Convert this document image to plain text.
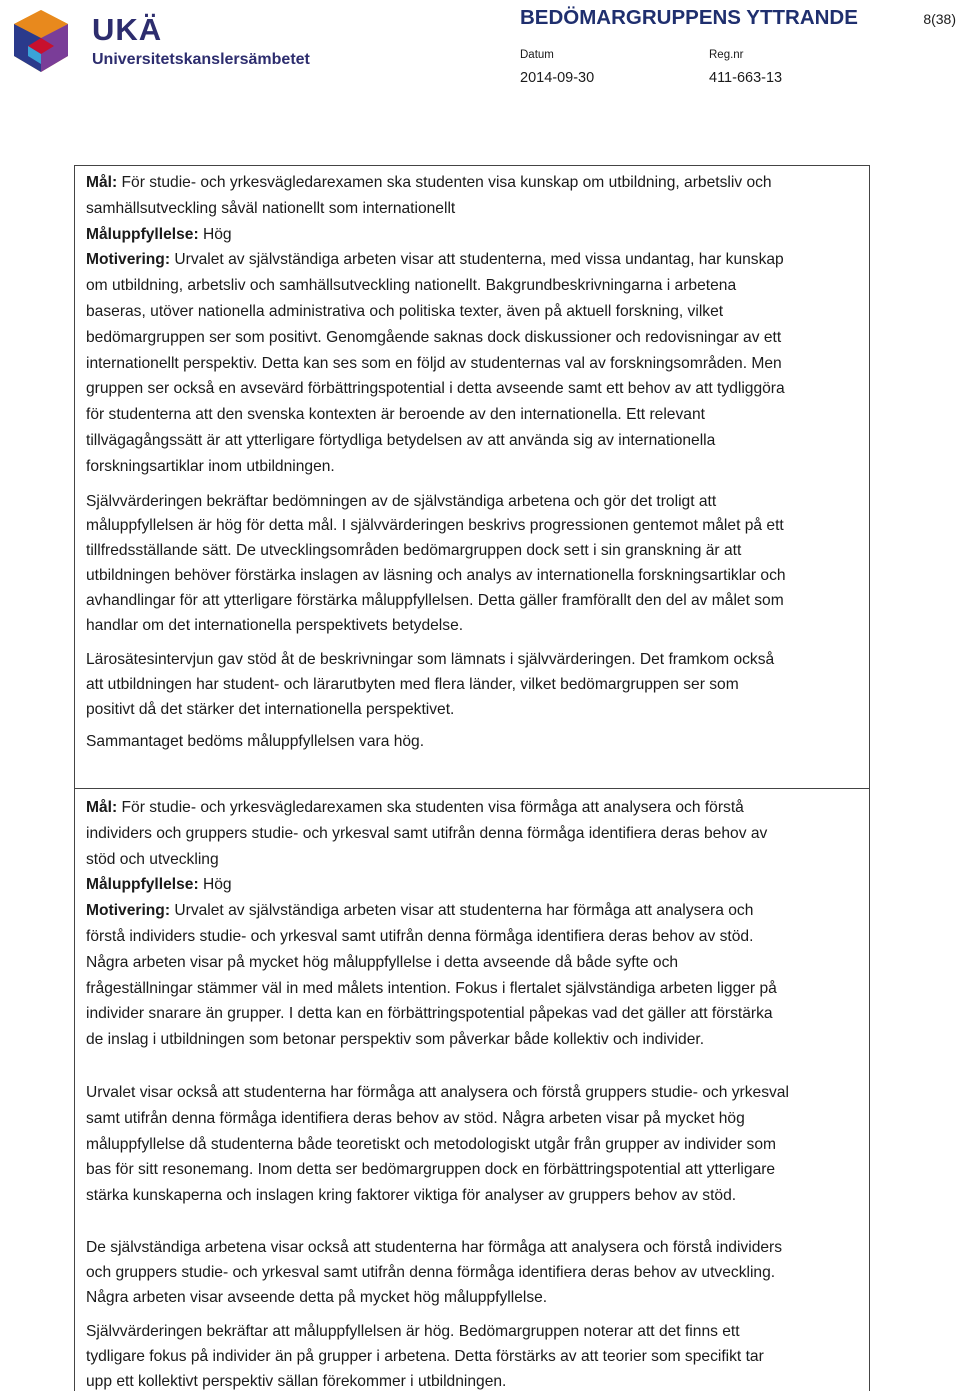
UKÄ
Universitetskanslersämbetet
BEDÖMARGRUPPENS YTTRANDE	8(38)
Datum
2014-09-30
Reg.nr
411-663-13
Mål: För studie- och yrkesvägledarexamen ska studenten visa kunskap om utbildning, arbetsliv och
samhällsutveckling såväl nationellt som internationellt
Måluppfyllelse: Hög
Motivering: Urvalet av självständiga arbeten visar att studenterna, med vissa undantag, har kunskap
om utbildning, arbetsliv och samhällsutveckling nationellt. Bakgrundbeskrivningarna i arbetena
baseras, utöver nationella administrativa och politiska texter, även på aktuell forskning, vilket
bedömargruppen ser som positivt. Genomgående saknas dock diskussioner och redovisningar av ett
internationellt perspektiv. Detta kan ses som en följd av studenternas val av forskningsområden. Men
gruppen ser också en avsevärd förbättringspotential i detta avseende samt ett behov av att tydliggöra
för studenterna att den svenska kontexten är beroende av den internationella. Ett relevant
tillvägagångssätt är att ytterligare förtydliga betydelsen av att använda sig av internationella
forskningsartiklar inom utbildningen.
Självvärderingen bekräftar bedömningen av de självständiga arbetena och gör det troligt att
måluppfyllelsen är hög för detta mål. I självvärderingen beskrivs progressionen gentemot målet på ett
tillfredsställande sätt. De utvecklingsområden bedömargruppen dock sett i sin granskning är att
utbildningen behöver förstärka inslagen av läsning och analys av internationella forskningsartiklar och
avhandlingar för att ytterligare förstärka måluppfyllelsen. Detta gäller framförallt den del av målet som
handlar om det internationella perspektivets betydelse.
Lärosätesintervjun gav stöd åt de beskrivningar som lämnats i självvärderingen. Det framkom också
att utbildningen har student- och lärarutbyten med flera länder, vilket bedömargruppen ser som
positivt då det stärker det internationella perspektivet.
Sammantaget bedöms måluppfyllelsen vara hög.
Mål: För studie- och yrkesvägledarexamen ska studenten visa förmåga att analysera och förstå
individers och gruppers studie- och yrkesval samt utifrån denna förmåga identifiera deras behov av
stöd och utveckling
Måluppfyllelse: Hög
Motivering: Urvalet av självständiga arbeten visar att studenterna har förmåga att analysera och
förstå individers studie- och yrkesval samt utifrån denna förmåga identifiera deras behov av stöd.
Några arbeten visar på mycket hög måluppfyllelse i detta avseende då både syfte och
frågeställningar stämmer väl in med målets intention. Fokus i flertalet självständiga arbeten ligger på
individer snarare än grupper. I detta kan en förbättringspotential påpekas vad det gäller att förstärka
de inslag i utbildningen som betonar perspektiv som påverkar både kollektiv och individer.
Urvalet visar också att studenterna har förmåga att analysera och förstå gruppers studie- och yrkesval
samt utifrån denna förmåga identifiera deras behov av stöd. Några arbeten visar på mycket hög
måluppfyllelse då studenterna både teoretiskt och metodologiskt utgår från grupper av individer som
bas för sitt resonemang. Inom detta ser bedömargruppen dock en förbättringspotential att ytterligare
stärka kunskaperna och inslagen kring faktorer viktiga för analyser av gruppers behov av stöd.
De självständiga arbetena visar också att studenterna har förmåga att analysera och förstå individers
och gruppers studie- och yrkesval samt utifrån denna förmåga identifiera deras behov av utveckling.
Några arbeten visar avseende detta på mycket hög måluppfyllelse.
Självvärderingen bekräftar att måluppfyllelsen är hög. Bedömargruppen noterar att det finns ett
tydligare fokus på individer än på grupper i arbetena. Detta förstärks av att teorier som specifikt tar
upp ett kollektivt perspektiv sällan förekommer i utbildningen.
